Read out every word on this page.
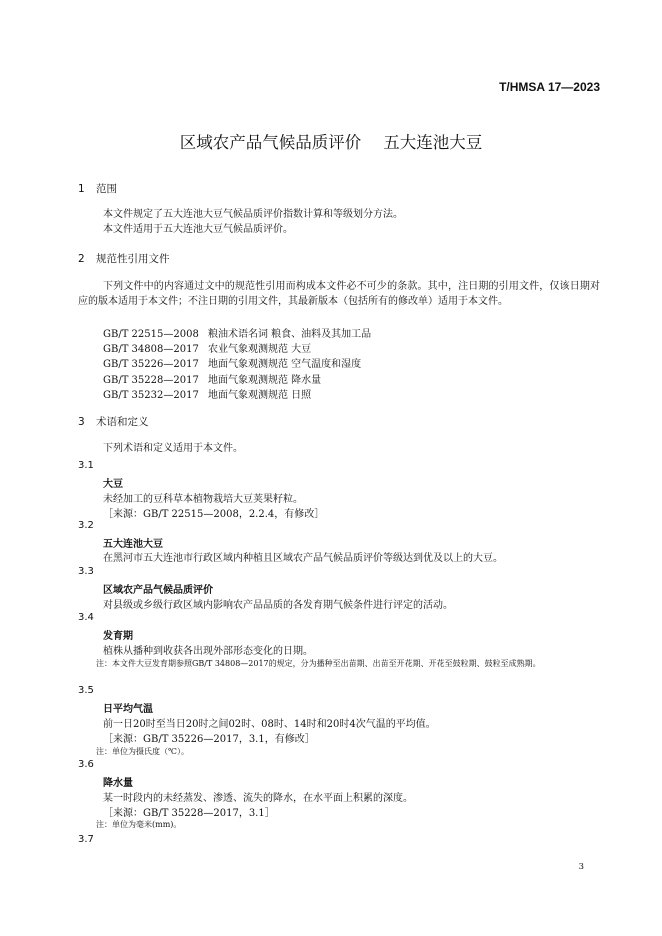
T/HMSA 17—2023
区域农产品气候品质评价 五大连池大豆
1 范围
本文件规定了五大连池大豆气候品质评价指数计算和等级划分方法。
本文件适用于五大连池大豆气候品质评价。
2 规范性引用文件
下列文件中的内容通过文中的规范性引用而构成本文件必不可少的条款。其中，注日期的引用文件，仅该日期对应的版本适用于本文件；不注日期的引用文件，其最新版本（包括所有的修改单）适用于本文件。
GB/T 22515—2008 粮油术语名词 粮食、油料及其加工品
GB/T 34808—2017 农业气象观测规范 大豆
GB/T 35226—2017 地面气象观测规范 空气温度和湿度
GB/T 35228—2017 地面气象观测规范 降水量
GB/T 35232—2017 地面气象观测规范 日照
3 术语和定义
下列术语和定义适用于本文件。
3.1
大豆
未经加工的豆科草本植物栽培大豆荚果籽粒。
［来源：GB/T 22515—2008，2.2.4，有修改］
3.2
五大连池大豆
在黑河市五大连池市行政区域内种植且区域农产品气候品质评价等级达到优及以上的大豆。
3.3
区域农产品气候品质评价
对县级或乡级行政区域内影响农产品品质的各发育期气候条件进行评定的活动。
3.4
发育期
植株从播种到收获各出现外部形态变化的日期。
注：本文件大豆发育期参照GB/T 34808—2017的规定，分为播种至出苗期、出苗至开花期、开花至鼓粒期、鼓粒至成熟期。
3.5
日平均气温
前一日20时至当日20时之间02时、08时、14时和20时4次气温的平均值。
［来源：GB/T 35226—2017，3.1，有修改］
注：单位为摄氏度（℃）。
3.6
降水量
某一时段内的未经蒸发、渗透、流失的降水，在水平面上积累的深度。
［来源：GB/T 35228—2017，3.1］
注：单位为毫米(mm)。
3.7
3
